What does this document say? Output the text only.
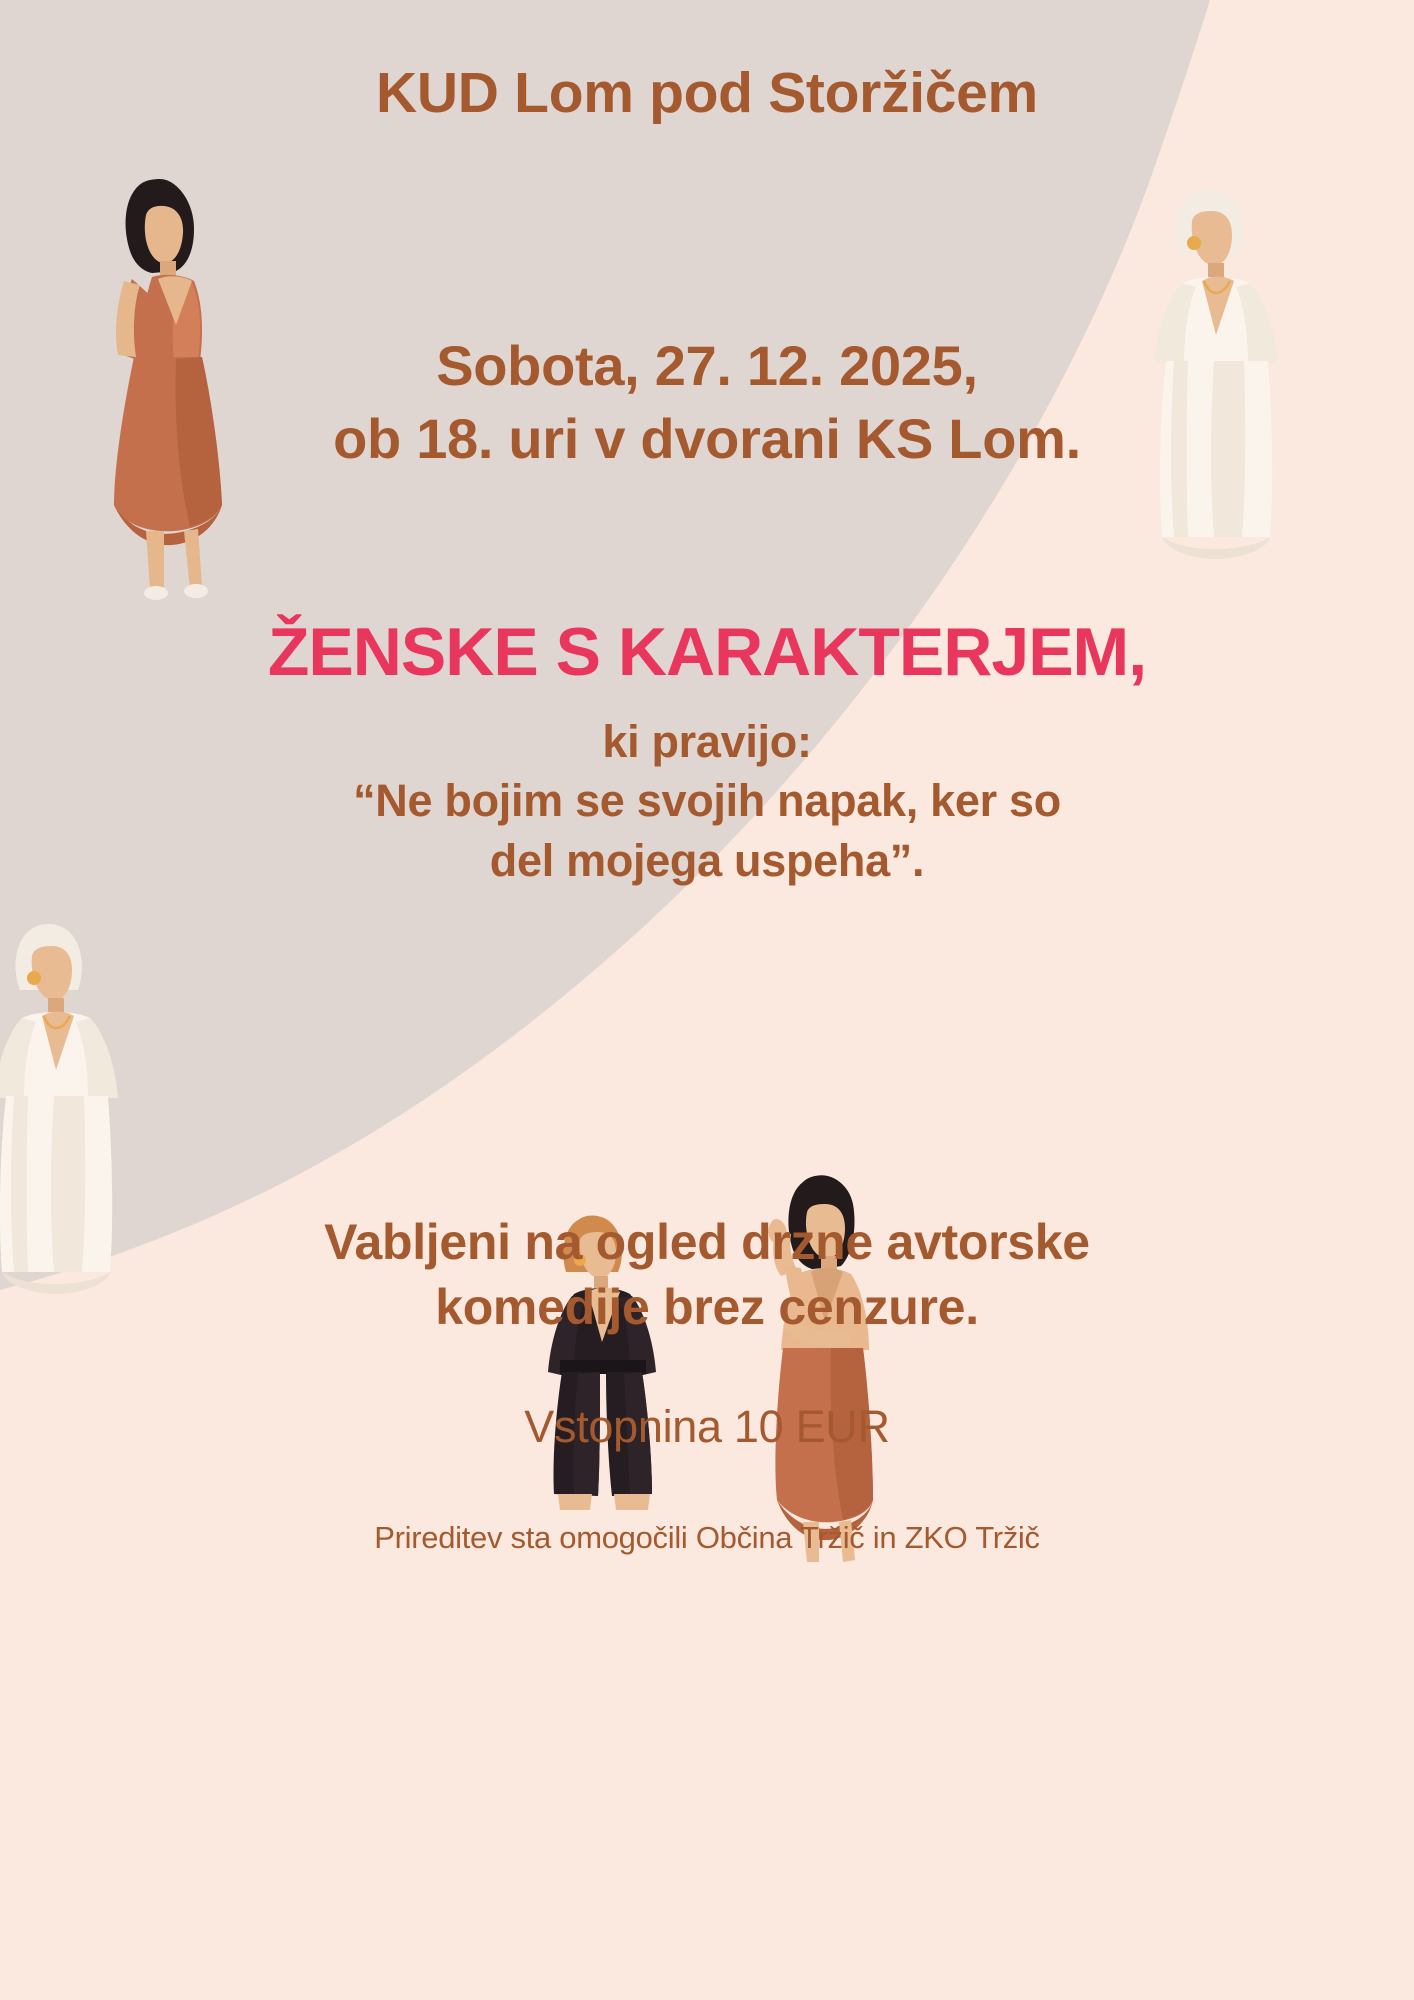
KUD Lom pod Storžičem
Sobota, 27. 12. 2025,
ob 18. uri v dvorani KS Lom.
ŽENSKE S KARAKTERJEM,
ki pravijo:
“Ne bojim se svojih napak, ker so
del mojega uspeha”.
Vabljeni na ogled drzne avtorske
komedije brez cenzure.
Vstopnina 10 EUR
Prireditev sta omogočili Občina Tržič in ZKO Tržič
